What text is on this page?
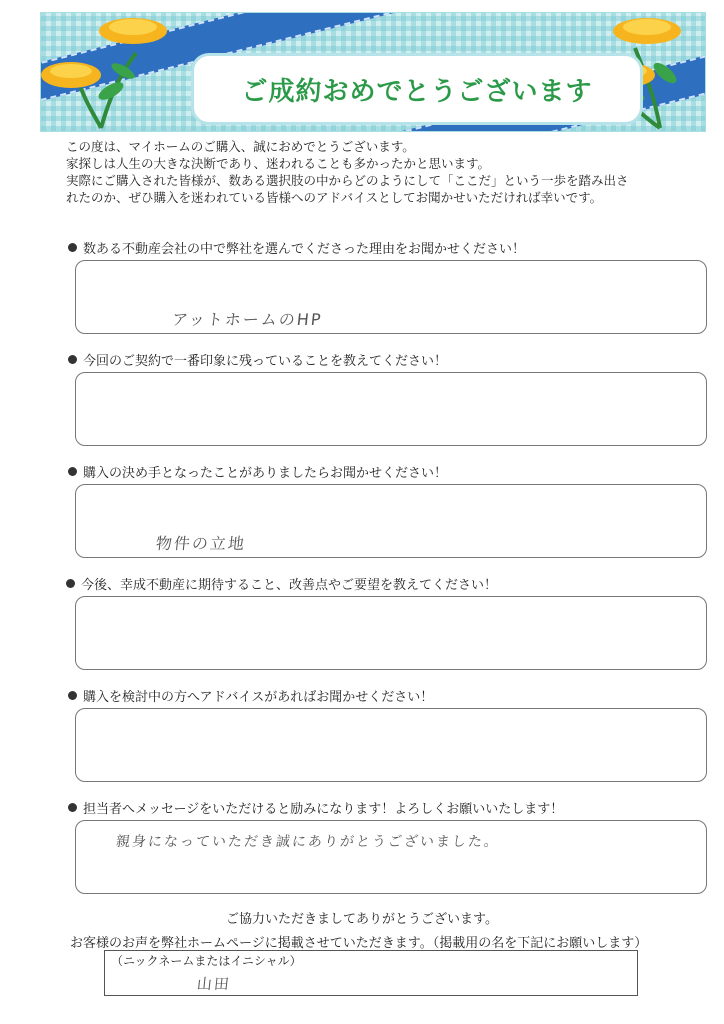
ご成約おめでとうございます

この度は、マイホームのご購入、誠におめでとうございます。

家探しは人生の大きな決断であり、迷われることも多かったかと思います。

実際にご購入された皆様が、数ある選択肢の中からどのようにして「ここだ」という一歩を踏み出さ

れたのか、ぜひ購入を迷われている皆様へのアドバイスとしてお聞かせいただければ幸いです。

数ある不動産会社の中で弊社を選んでくださった理由をお聞かせください！
アットホームのHP
今回のご契約で一番印象に残っていることを教えてください！
購入の決め手となったことがありましたらお聞かせください！
物件の立地
今後、幸成不動産に期待すること、改善点やご要望を教えてください！
購入を検討中の方へアドバイスがあればお聞かせください！
担当者へメッセージをいただけると励みになります！よろしくお願いいたします！
親身になっていただき誠にありがとうございました。
ご協力いただきましてありがとうございます。
お客様のお声を弊社ホームページに掲載させていただきます。（掲載用の名を下記にお願いします）
（ニックネームまたはイニシャル）
山田
